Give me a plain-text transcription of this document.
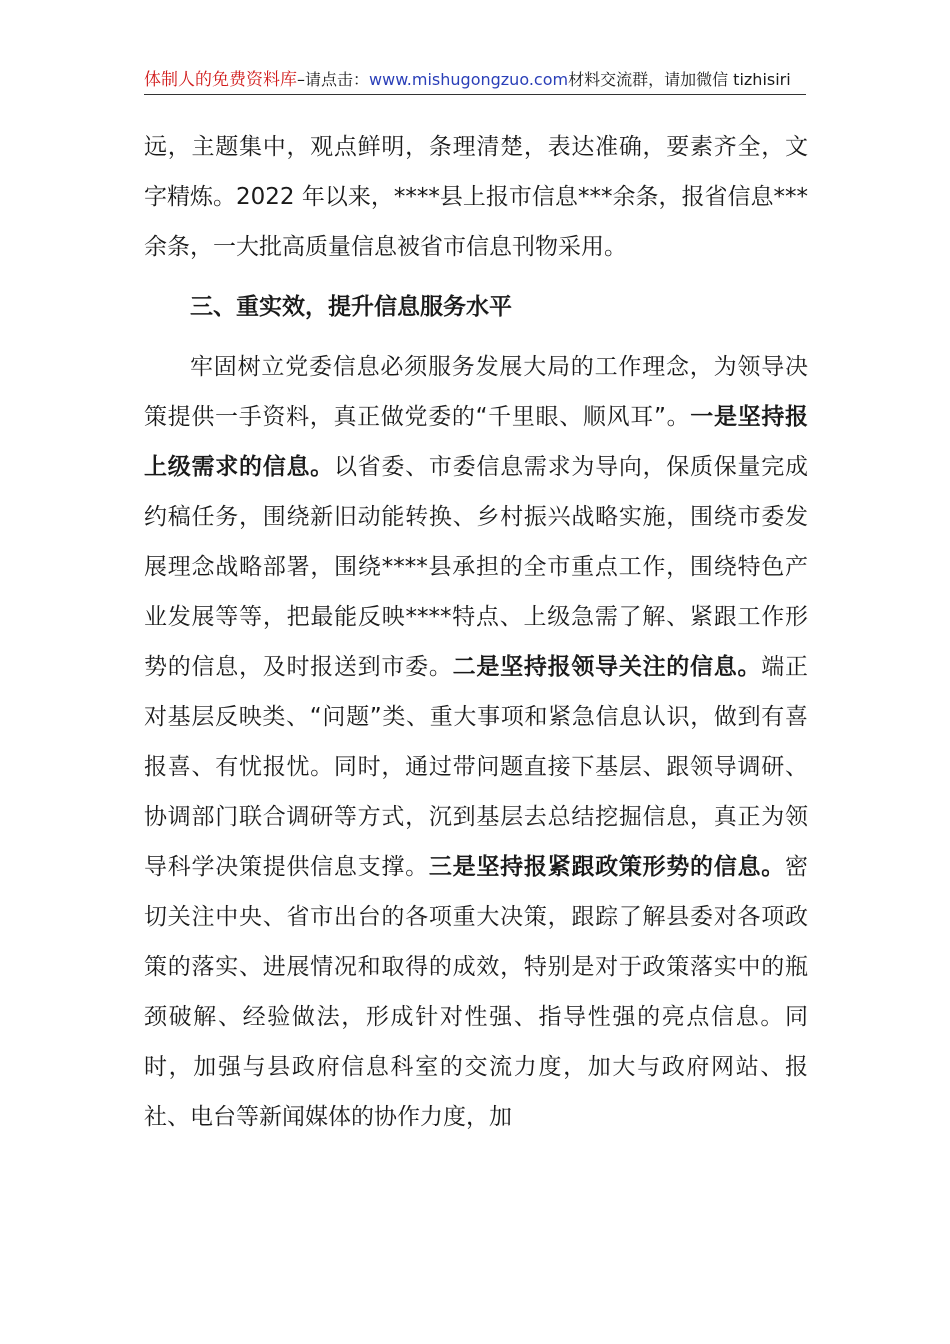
体制人的免费资料库–请点击：www.mishugongzuo.com材料交流群，请加微信 tizhisiri

远，主题集中，观点鲜明，条理清楚，表达准确，要素齐全，文字精炼。2022 年以来，****县上报市信息***余条，报省信息***余条，一大批高质量信息被省市信息刊物采用。

三、重实效，提升信息服务水平

牢固树立党委信息必须服务发展大局的工作理念，为领导决策提供一手资料，真正做党委的“千里眼、顺风耳”。一是坚持报上级需求的信息。以省委、市委信息需求为导向，保质保量完成约稿任务，围绕新旧动能转换、乡村振兴战略实施，围绕市委发展理念战略部署，围绕****县承担的全市重点工作，围绕特色产业发展等等，把最能反映****特点、上级急需了解、紧跟工作形势的信息，及时报送到市委。二是坚持报领导关注的信息。端正对基层反映类、“问题”类、重大事项和紧急信息认识，做到有喜报喜、有忧报忧。同时，通过带问题直接下基层、跟领导调研、协调部门联合调研等方式，沉到基层去总结挖掘信息，真正为领导科学决策提供信息支撑。三是坚持报紧跟政策形势的信息。密切关注中央、省市出台的各项重大决策，跟踪了解县委对各项政策的落实、进展情况和取得的成效，特别是对于政策落实中的瓶颈破解、经验做法，形成针对性强、指导性强的亮点信息。同时，加强与县政府信息科室的交流力度，加大与政府网站、报社、电台等新闻媒体的协作力度，加
